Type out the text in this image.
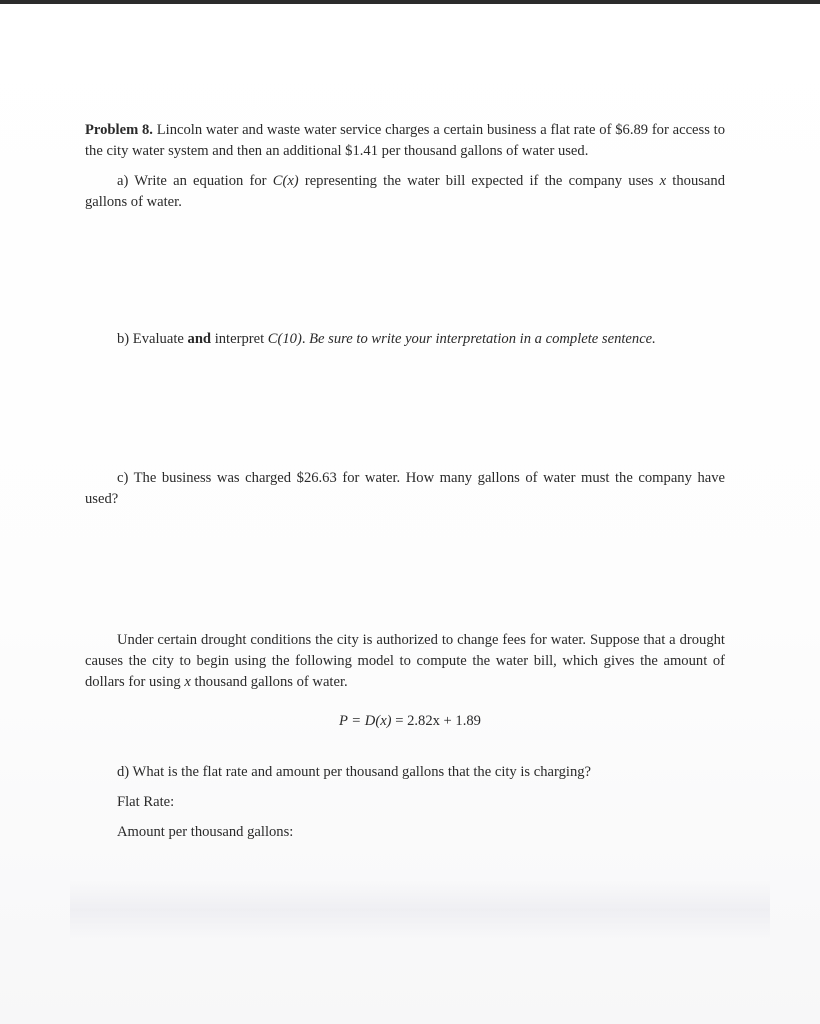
Problem 8. Lincoln water and waste water service charges a certain business a flat rate of $6.89 for access to the city water system and then an additional $1.41 per thousand gallons of water used.

a) Write an equation for C(x) representing the water bill expected if the company uses x thousand gallons of water.

b) Evaluate and interpret C(10). Be sure to write your interpretation in a complete sentence.

c) The business was charged $26.63 for water. How many gallons of water must the company have used?

Under certain drought conditions the city is authorized to change fees for water. Suppose that a drought causes the city to begin using the following model to compute the water bill, which gives the amount of dollars for using x thousand gallons of water.

P = D(x) = 2.82x + 1.89

d) What is the flat rate and amount per thousand gallons that the city is charging?

Flat Rate:

Amount per thousand gallons:
